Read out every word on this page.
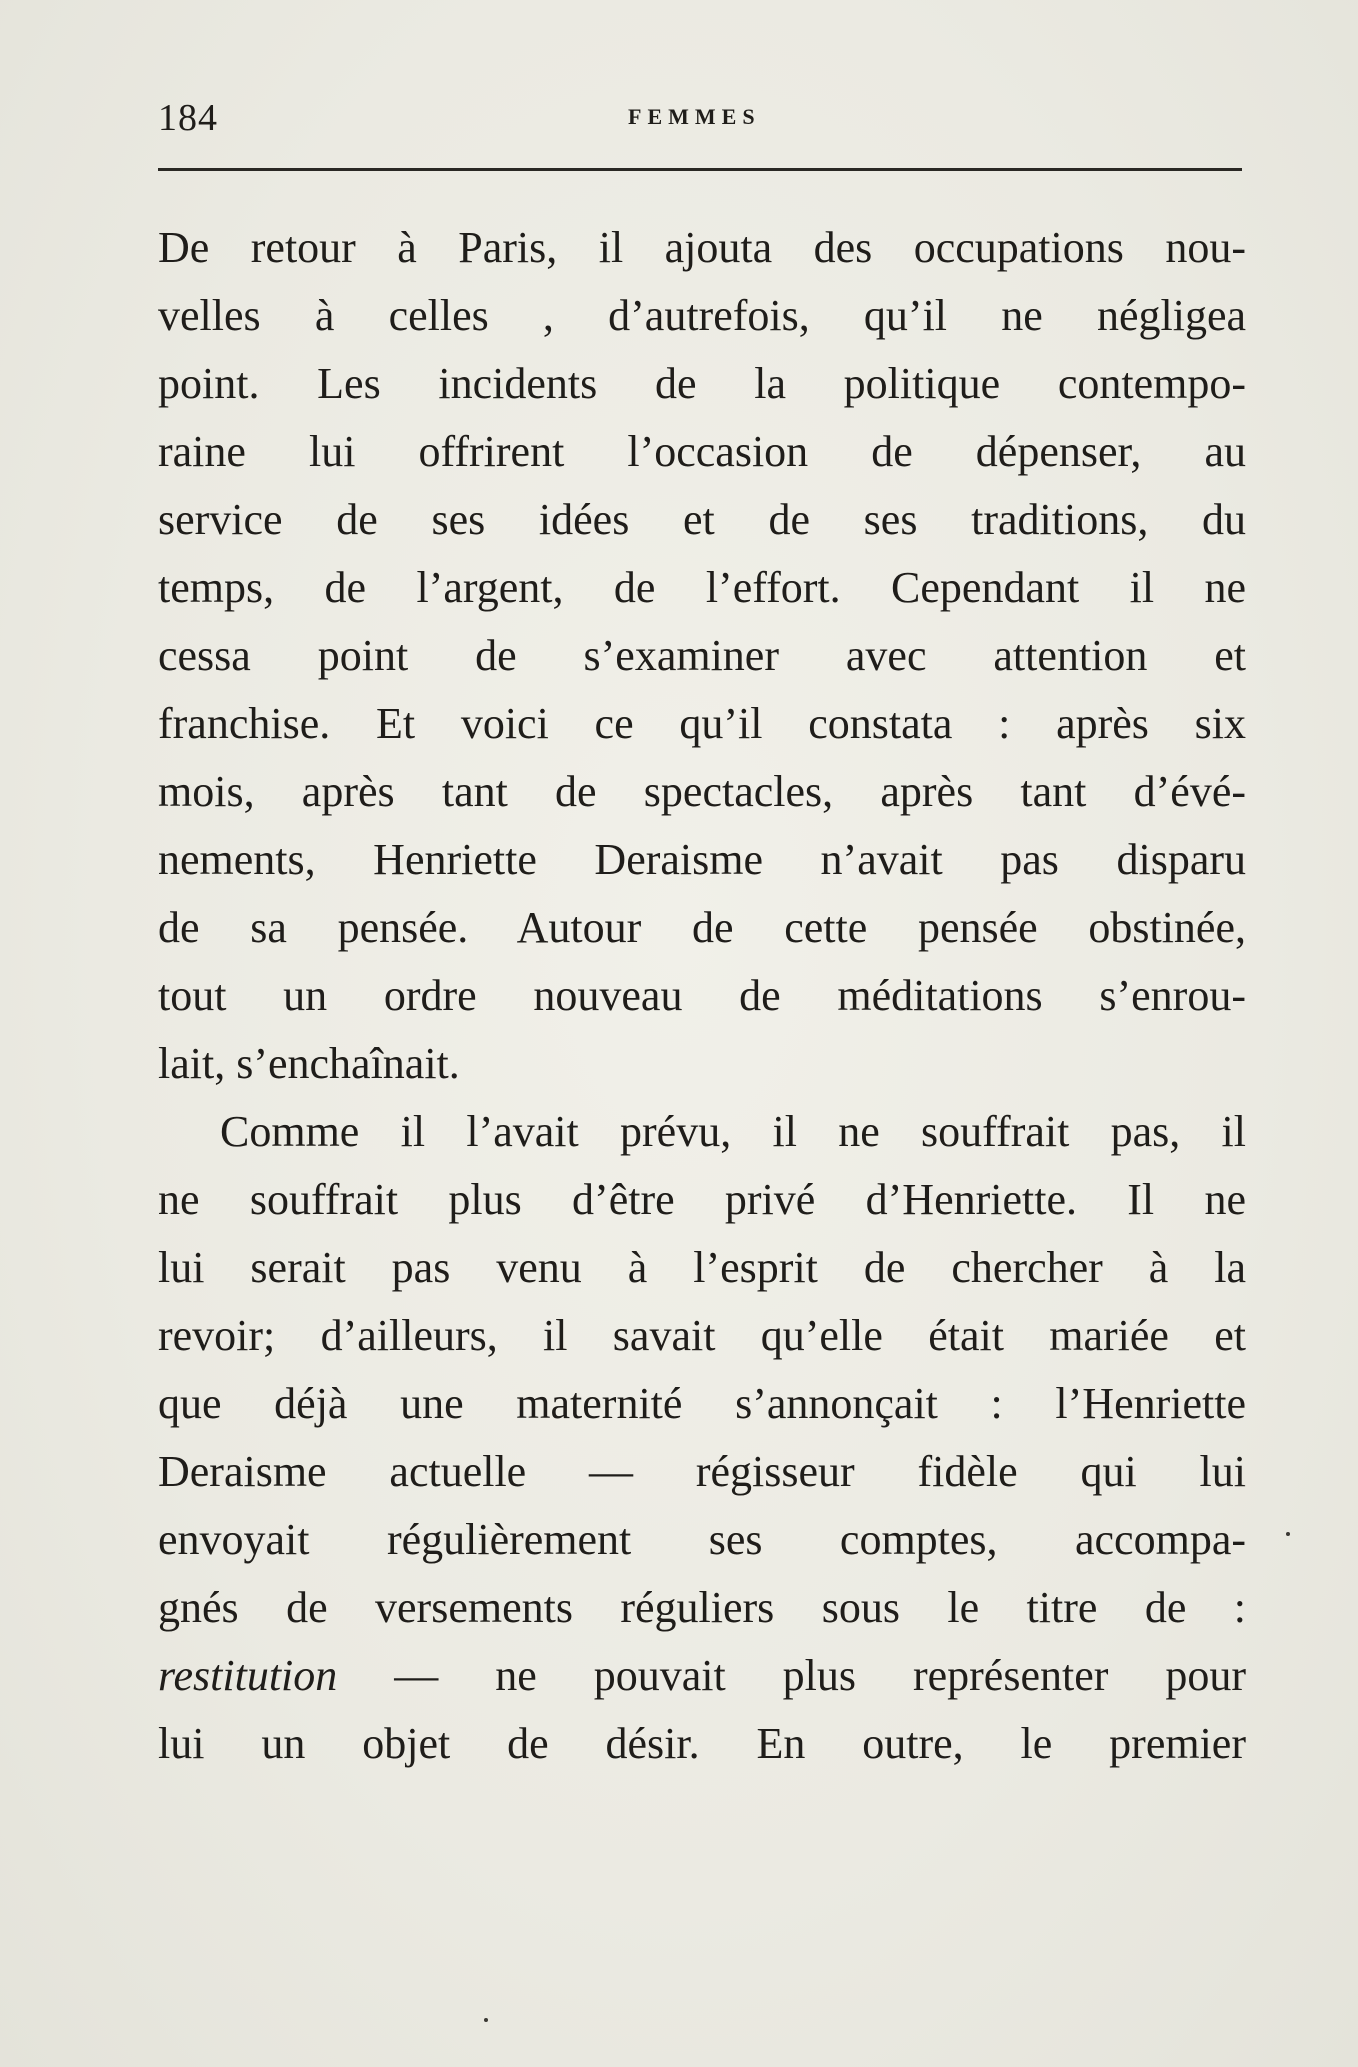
184	FEMMES
De retour à Paris, il ajouta des occupations nou-
velles à celles , d’autrefois, qu’il ne négligea
point. Les incidents de la politique contempo-
raine lui offrirent l’occasion de dépenser, au
service de ses idées et de ses traditions, du
temps, de l’argent, de l’effort. Cependant il ne
cessa point de s’examiner avec attention et
franchise. Et voici ce qu’il constata : après six
mois, après tant de spectacles, après tant d’évé-
nements, Henriette Deraisme n’avait pas disparu
de sa pensée. Autour de cette pensée obstinée,
tout un ordre nouveau de méditations s’enrou-
lait, s’enchaînait.
Comme il l’avait prévu, il ne souffrait pas, il
ne souffrait plus d’être privé d’Henriette. Il ne
lui serait pas venu à l’esprit de chercher à la
revoir; d’ailleurs, il savait qu’elle était mariée et
que déjà une maternité s’annonçait : l’Henriette
Deraisme actuelle — régisseur fidèle qui lui
envoyait régulièrement ses comptes, accompa-
gnés de versements réguliers sous le titre de :
restitution — ne pouvait plus représenter pour
lui un objet de désir. En outre, le premier
